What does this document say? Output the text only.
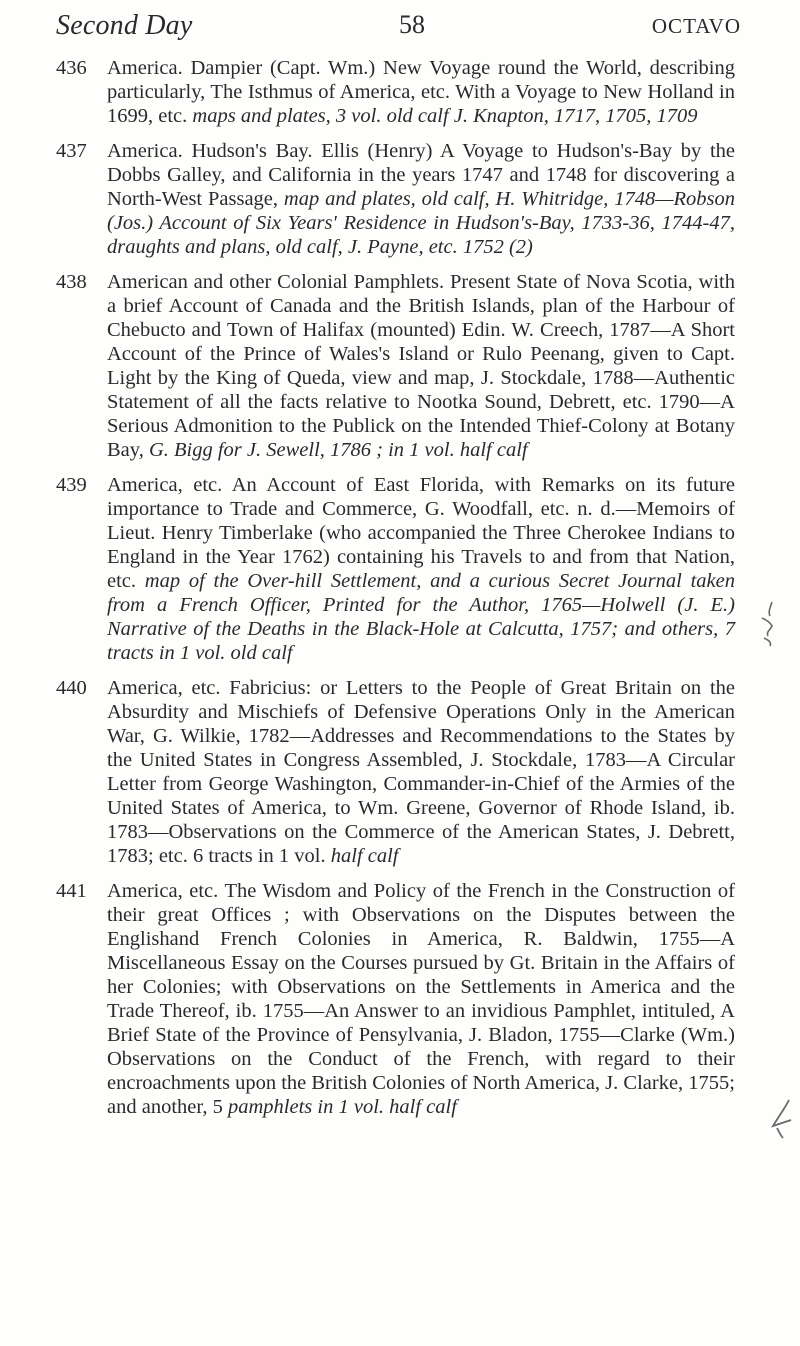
Second Day	58	OCTAVO
436 America. Dampier (Capt. Wm.) New Voyage round the World, describing particularly, The Isthmus of America, etc. With a Voyage to New Holland in 1699, etc. maps and plates, 3 vol. old calf J. Knapton, 1717, 1705, 1709
437 America. Hudson's Bay. Ellis (Henry) A Voyage to Hudson's-Bay by the Dobbs Galley, and California in the years 1747 and 1748 for discovering a North-West Passage, map and plates, old calf, H. Whitridge, 1748—Robson (Jos.) Account of Six Years' Residence in Hudson's-Bay, 1733-36, 1744-47, draughts and plans, old calf, J. Payne, etc. 1752 (2)
438 American and other Colonial Pamphlets. Present State of Nova Scotia, with a brief Account of Canada and the British Islands, plan of the Harbour of Chebucto and Town of Halifax (mounted) Edin. W. Creech, 1787—A Short Account of the Prince of Wales's Island or Rulo Peenang, given to Capt. Light by the King of Queda, view and map, J. Stockdale, 1788—Authentic Statement of all the facts relative to Nootka Sound, Debrett, etc. 1790—A Serious Admonition to the Publick on the Intended Thief-Colony at Botany Bay, G. Bigg for J. Sewell, 1786 ; in 1 vol. half calf
439 America, etc. An Account of East Florida, with Remarks on its future importance to Trade and Commerce, G. Woodfall, etc. n. d.—Memoirs of Lieut. Henry Timberlake (who accompanied the Three Cherokee Indians to England in the Year 1762) containing his Travels to and from that Nation, etc. map of the Over-hill Settlement, and a curious Secret Journal taken from a French Officer, Printed for the Author, 1765—Holwell (J. E.) Narrative of the Deaths in the Black-Hole at Calcutta, 1757; and others, 7 tracts in 1 vol. old calf
440 America, etc. Fabricius: or Letters to the People of Great Britain on the Absurdity and Mischiefs of Defensive Operations Only in the American War, G. Wilkie, 1782—Addresses and Recommendations to the States by the United States in Congress Assembled, J. Stockdale, 1783—A Circular Letter from George Washington, Commander-in-Chief of the Armies of the United States of America, to Wm. Greene, Governor of Rhode Island, ib. 1783—Observations on the Commerce of the American States, J. Debrett, 1783; etc. 6 tracts in 1 vol. half calf
441 America, etc. The Wisdom and Policy of the French in the Construction of their great Offices ; with Observations on the Disputes between the Englishand French Colonies in America, R. Baldwin, 1755—A Miscellaneous Essay on the Courses pursued by Gt. Britain in the Affairs of her Colonies; with Observations on the Settlements in America and the Trade Thereof, ib. 1755—An Answer to an invidious Pamphlet, intituled, A Brief State of the Province of Pensylvania, J. Bladon, 1755—Clarke (Wm.) Observations on the Conduct of the French, with regard to their encroachments upon the British Colonies of North America, J. Clarke, 1755; and another, 5 pamphlets in 1 vol. half calf
